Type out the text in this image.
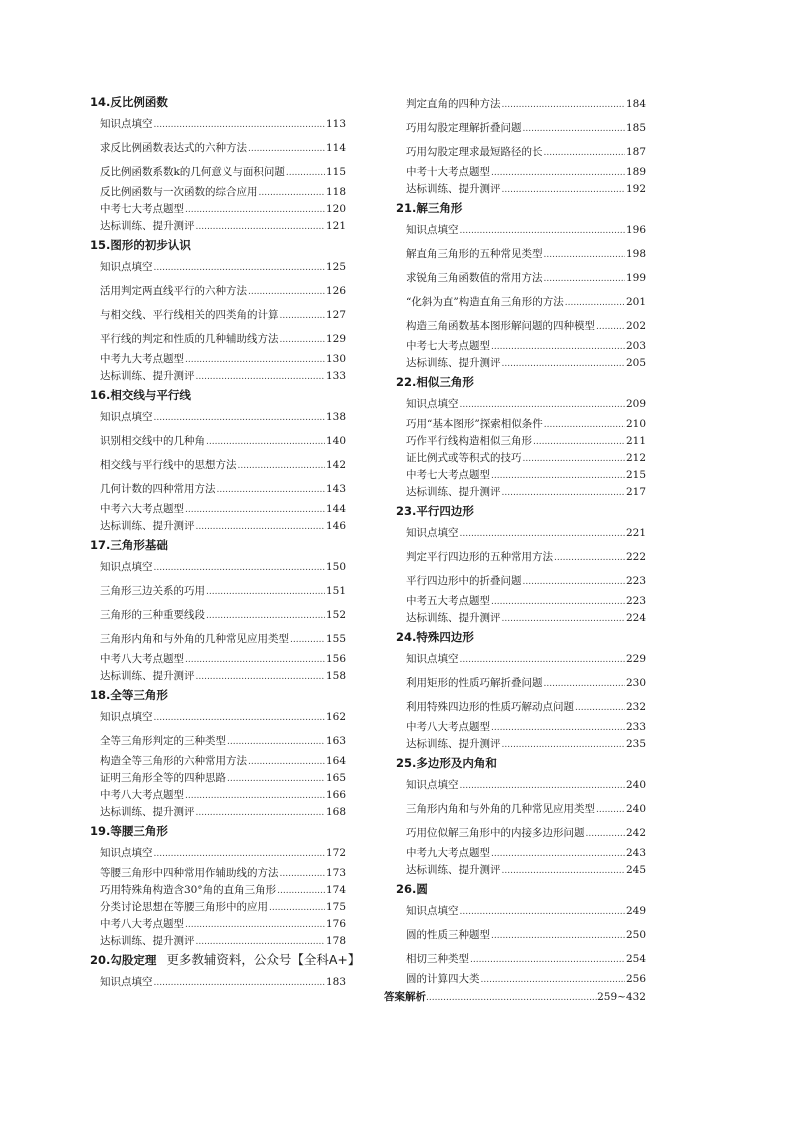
14.反比例函数
知识点填空 .....	113
求反比例函数表达式的六种方法 .....	114
反比例函数系数k的几何意义与面积问题 .....	115
反比例函数与一次函数的综合应用 .....	118
中考七大考点题型 .....	120
达标训练、提升测评 .....	121
15.图形的初步认识
知识点填空 .....	125
活用判定两直线平行的六种方法 .....	126
与相交线、平行线相关的四类角的计算 .....	127
平行线的判定和性质的几种辅助线方法 .....	129
中考九大考点题型 .....	130
达标训练、提升测评 .....	133
16.相交线与平行线
知识点填空 .....	138
识别相交线中的几种角 .....	140
相交线与平行线中的思想方法 .....	142
几何计数的四种常用方法 .....	143
中考六大考点题型 .....	144
达标训练、提升测评 .....	146
17.三角形基础
知识点填空 .....	150
三角形三边关系的巧用 .....	151
三角形的三种重要线段 .....	152
三角形内角和与外角的几种常见应用类型 .....	155
中考八大考点题型 .....	156
达标训练、提升测评 .....	158
18.全等三角形
知识点填空 .....	162
全等三角形判定的三种类型 .....	163
构造全等三角形的六种常用方法 .....	164
证明三角形全等的四种思路 .....	165
中考八大考点题型 .....	166
达标训练、提升测评 .....	168
19.等腰三角形
知识点填空 .....	172
等腰三角形中四种常用作辅助线的方法 .....	173
巧用特殊角构造含30°角的直角三角形 .....	174
分类讨论思想在等腰三角形中的应用 .....	175
中考八大考点题型 .....	176
达标训练、提升测评 .....	178
20.勾股定理 更多教辅资料，公众号【全科A+】
知识点填空 .....	183
判定直角的四种方法 .....	184
巧用勾股定理解折叠问题 .....	185
巧用勾股定理求最短路径的长 .....	187
中考十大考点题型 .....	189
达标训练、提升测评 .....	192
21.解三角形
知识点填空 .....	196
解直角三角形的五种常见类型 .....	198
求锐角三角函数值的常用方法 .....	199
“化斜为直”构造直角三角形的方法 .....	201
构造三角函数基本图形解问题的四种模型 .....	202
中考七大考点题型 .....	203
达标训练、提升测评 .....	205
22.相似三角形
知识点填空 .....	209
巧用“基本图形”探索相似条件 .....	210
巧作平行线构造相似三角形 .....	211
证比例式或等积式的技巧 .....	212
中考七大考点题型 .....	215
达标训练、提升测评 .....	217
23.平行四边形
知识点填空 .....	221
判定平行四边形的五种常用方法 .....	222
平行四边形中的折叠问题 .....	223
中考五大考点题型 .....	223
达标训练、提升测评 .....	224
24.特殊四边形
知识点填空 .....	229
利用矩形的性质巧解折叠问题 .....	230
利用特殊四边形的性质巧解动点问题 .....	232
中考八大考点题型 .....	233
达标训练、提升测评 .....	235
25.多边形及内角和
知识点填空 .....	240
三角形内角和与外角的几种常见应用类型 .....	240
巧用位似解三角形中的内接多边形问题 .....	242
中考九大考点题型 .....	243
达标训练、提升测评 .....	245
26.圆
知识点填空 .....	249
圆的性质三种题型 .....	250
相切三种类型 .....	254
圆的计算四大类 .....	256
答案解析 .....	259~432
